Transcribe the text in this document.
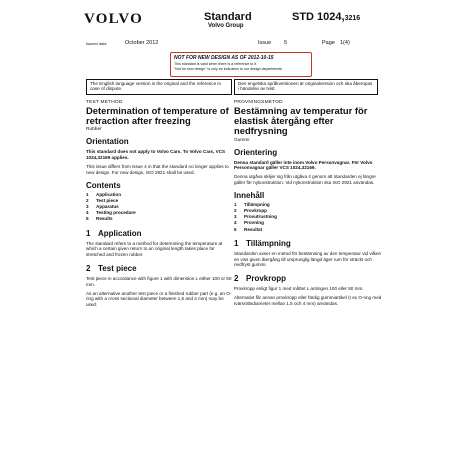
VOLVO	Standard
Volvo Group
STD 1024,3216
Issued date	October 2012	Issue 5	Page 1(4)
NOT FOR NEW DESIGN AS OF 2012-10-15
This standard is valid when there is a reference to it.
"Not for new design" is only an indication to our design departments.
The English language version is the original and the reference in case of dispute.
Den engelska språkversionen är originalversion och ska åberopas i händelse av tvist.
TEST METHOD
Determination of temperature of retraction after freezing
Rubber
Orientation
This standard does not apply to Volvo Cars. To Volvo Cars, VCS 1024,32169 applies.
This issue differs from issue 4 in that the standard no longer applies to new design. For new design, ISO 2921 shall be used.
Contents
1	Application
2	Test piece
3	Apparatus
4	Testing procedure
5	Results
1 Application
The standard refers to a method for determining the temperature at which a certain given return to an original length takes place for stretched and frozen rubber.
2 Test piece
Test piece in accordance with figure 1 with dimension L either 100 or 50 mm.
As an alternative another test piece or a finished rubber part (e.g. an O-ring with a cross sectional diameter between 1,5 and 4 mm) may be used.
PROVNINGSMETOD
Bestämning av temperatur för elastisk återgång efter nedfrysning
Gummi
Orientering
Denna standard gäller inte inom Volvo Personvagnar. För Volvo Personvagnar gäller VCS 1024,32169.
Denna utgåva skiljer sig från utgåva 4 genom att standarden ej längre gäller för nykonstruktion. Vid nykonstruktion ska ISO 2921 användas.
Innehåll
1	Tillämpning
2	Provkropp
3	Provutrustning
4	Provning
5	Resultat
1 Tillämpning
Standarden avser en metod för bestämning av den temperatur vid vilken en viss given återgång till ursprunglig längd äger rum för sträckt och nedfryst gummi.
2 Provkropp
Provkropp enligt figur 1 med måttet L antingen 100 eller 50 mm.
Alternativt får annan provkropp eller färdig gummiartikel (t ex O-ring med tvärsnittsdiameter mellan 1,5 och 4 mm) användas.
